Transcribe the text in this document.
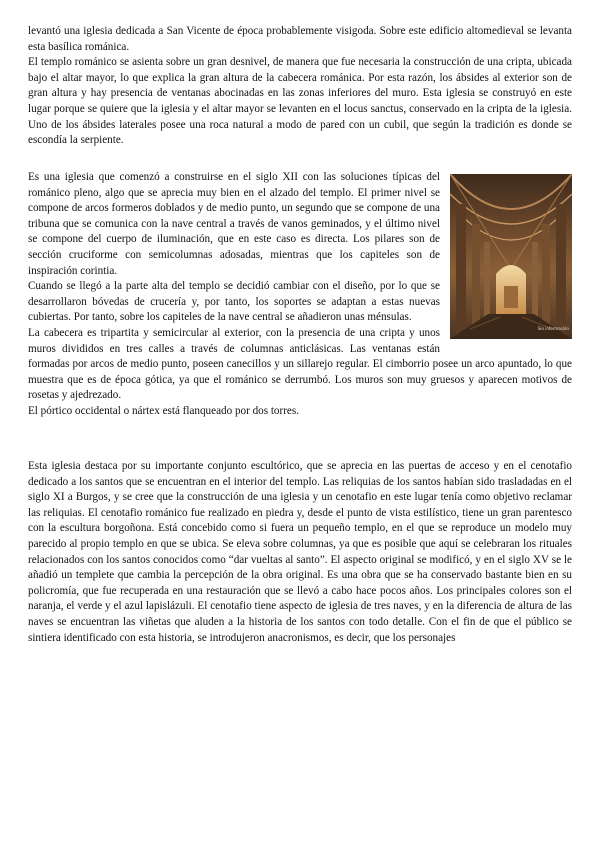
levantó una iglesia dedicada a San Vicente de época probablemente visigoda. Sobre este edificio altomedieval se levanta esta basílica románica.

El templo románico se asienta sobre un gran desnivel, de manera que fue necesaria la construcción de una cripta, ubicada bajo el altar mayor, lo que explica la gran altura de la cabecera románica. Por esta razón, los ábsides al exterior son de gran altura y hay presencia de ventanas abocinadas en las zonas inferiores del muro. Esta iglesia se construyó en este lugar porque se quiere que la iglesia y el altar mayor se levanten en el locus sanctus, conservado en la cripta de la iglesia. Uno de los ábsides laterales posee una roca natural a modo de pared con un cubil, que según la tradición es donde se escondía la serpiente.

Sin información

Es una iglesia que comenzó a construirse en el siglo XII con las soluciones típicas del románico pleno, algo que se aprecia muy bien en el alzado del templo. El primer nivel se compone de arcos formeros doblados y de medio punto, un segundo que se compone de una tribuna que se comunica con la nave central a través de vanos geminados, y el último nivel se compone del cuerpo de iluminación, que en este caso es directa. Los pilares son de sección cruciforme con semicolumnas adosadas, mientras que los capiteles son de inspiración corintia.

Cuando se llegó a la parte alta del templo se decidió cambiar con el diseño, por lo que se desarrollaron bóvedas de crucería y, por tanto, los soportes se adaptan a estas nuevas cubiertas. Por tanto, sobre los capiteles de la nave central se añadieron unas ménsulas.

La cabecera es tripartita y semicircular al exterior, con la presencia de una cripta y unos muros divididos en tres calles a través de columnas anticlásicas. Las ventanas están formadas por arcos de medio punto, poseen canecillos y un sillarejo regular. El cimborrio posee un arco apuntado, lo que muestra que es de época gótica, ya que el románico se derrumbó. Los muros son muy gruesos y aparecen motivos de rosetas y ajedrezado.

El pórtico occidental o nártex está flanqueado por dos torres.

Esta iglesia destaca por su importante conjunto escultórico, que se aprecia en las puertas de acceso y en el cenotafio dedicado a los santos que se encuentran en el interior del templo. Las reliquias de los santos habían sido trasladadas en el siglo XI a Burgos, y se cree que la construcción de una iglesia y un cenotafio en este lugar tenía como objetivo reclamar las reliquias. El cenotafio románico fue realizado en piedra y, desde el punto de vista estilístico, tiene un gran parentesco con la escultura borgoñona. Está concebido como si fuera un pequeño templo, en el que se reproduce un modelo muy parecido al propio templo en que se ubica. Se eleva sobre columnas, ya que es posible que aquí se celebraran los rituales relacionados con los santos conocidos como “dar vueltas al santo”. El aspecto original se modificó, y en el siglo XV se le añadió un templete que cambia la percepción de la obra original. Es una obra que se ha conservado bastante bien en su policromía, que fue recuperada en una restauración que se llevó a cabo hace pocos años. Los principales colores son el naranja, el verde y el azul lapislázuli. El cenotafio tiene aspecto de iglesia de tres naves, y en la diferencia de altura de las naves se encuentran las viñetas que aluden a la historia de los santos con todo detalle. Con el fin de que el público se sintiera identificado con esta historia, se introdujeron anacronismos, es decir, que los personajes
